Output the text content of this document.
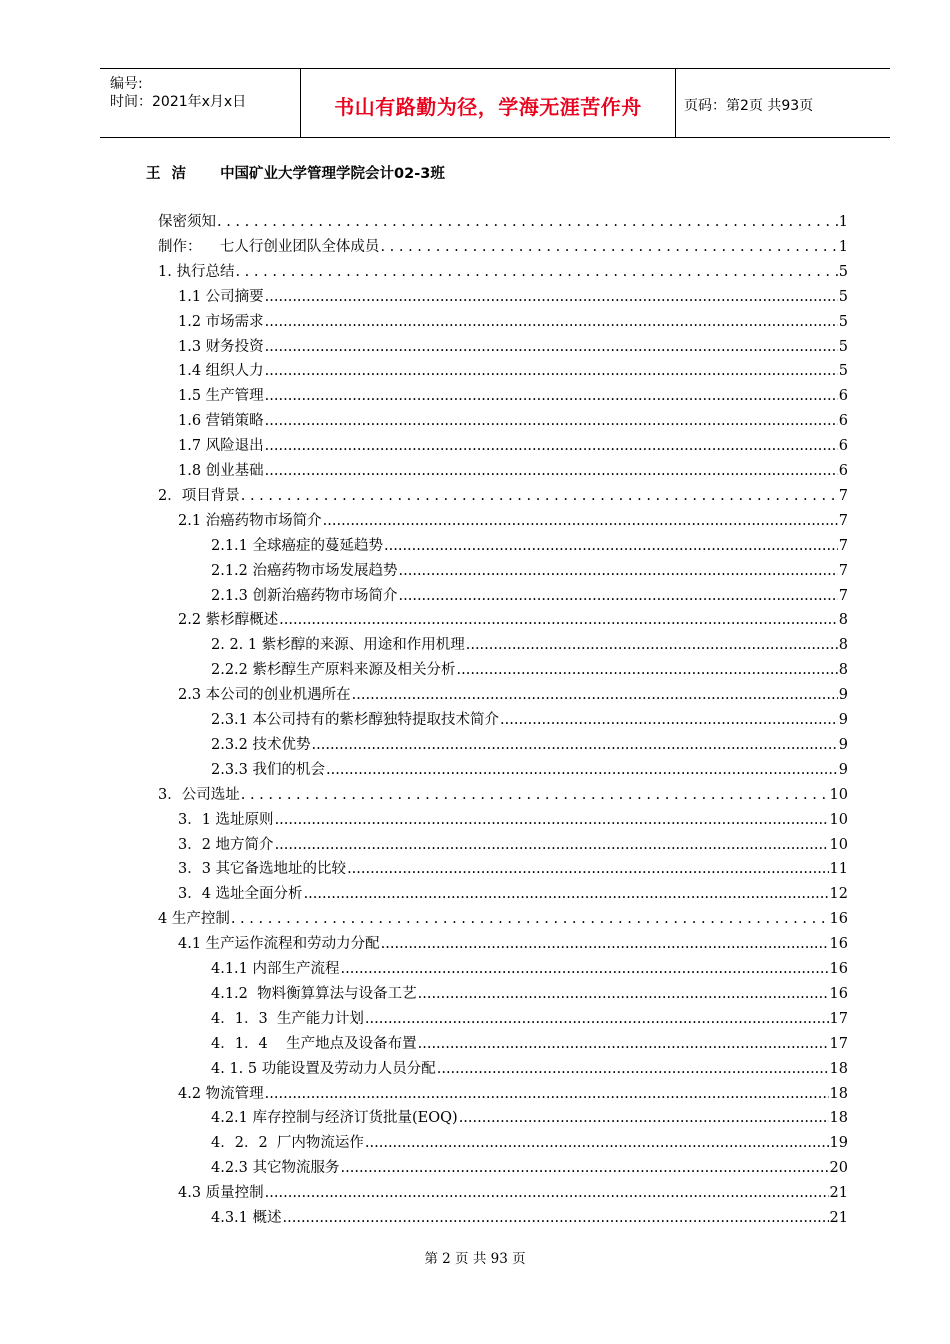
编号:
时间：2021年x月x日	书山有路勤为径，学海无涯苦作舟	页码：第2页 共93页
王洁 中国矿业大学管理学院会计02-3班
保密须知 . . .	1
制作：    七人行创业团队全体成员 . . .	1
1. 执行总结 . . .	5
1.1 公司摘要 .....	5
1.2 市场需求 .....	5
1.3 财务投资 .....	5
1.4 组织人力 .....	5
1.5 生产管理 .....	6
1.6 营销策略 .....	6
1.7 风险退出 .....	6
1.8 创业基础 .....	6
2．项目背景 . . .	7
2.1 治癌药物市场简介 .....	7
2.1.1 全球癌症的蔓延趋势 .....	7
2.1.2 治癌药物市场发展趋势 .....	7
2.1.3 创新治癌药物市场简介 .....	7
2.2 紫杉醇概述 .....	8
2. 2. 1 紫杉醇的来源、用途和作用机理 .....	8
2.2.2 紫杉醇生产原料来源及相关分析 .....	8
2.3 本公司的创业机遇所在 .....	9
2.3.1 本公司持有的紫杉醇独特提取技术简介 .....	9
2.3.2 技术优势 .....	9
2.3.3 我们的机会 .....	9
3．公司选址 . . .	10
3．1 选址原则 .....	10
3．2 地方简介 .....	10
3．3 其它备选地址的比较 .....	11
3．4 选址全面分析 .....	12
4 生产控制 . . .	16
4.1 生产运作流程和劳动力分配 .....	16
4.1.1 内部生产流程 .....	16
4.1.2  物料衡算算法与设备工艺 .....	16
4．1．3  生产能力计划 .....	17
4．1．4    生产地点及设备布置 .....	17
4. 1. 5 功能设置及劳动力人员分配 .....	18
4.2 物流管理 .....	18
4.2.1 库存控制与经济订货批量(EOQ) .....	18
4．2．2  厂内物流运作 .....	19
4.2.3 其它物流服务 .....	20
4.3 质量控制 .....	21
4.3.1 概述 .....	21
第 2 页 共 93 页
